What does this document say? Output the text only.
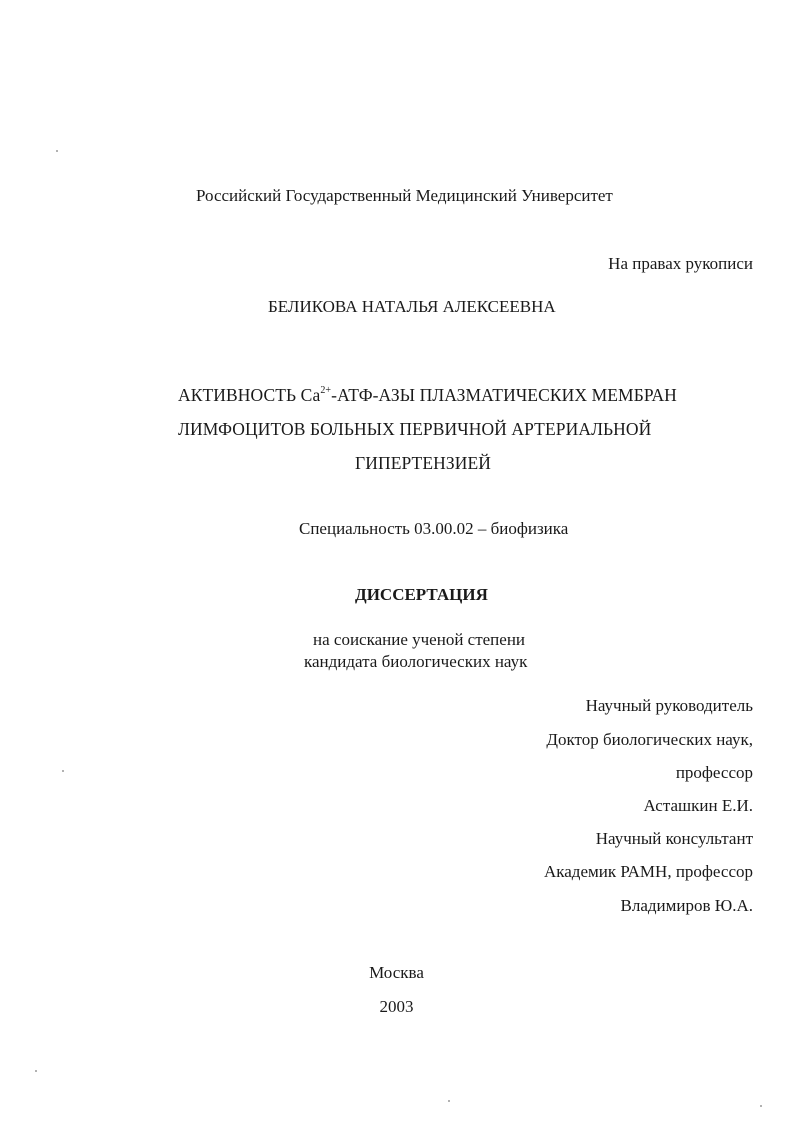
Российский Государственный Медицинский Университет
На правах рукописи
БЕЛИКОВА НАТАЛЬЯ АЛЕКСЕЕВНА
АКТИВНОСТЬ $Ca^{2+}-АТФ$-АЗЫ ПЛАЗМАТИЧЕСКИХ МЕМБРАН
ЛИМФОЦИТОВ БОЛЬНЫХ ПЕРВИЧНОЙ АРТЕРИАЛЬНОЙ
ГИПЕРТЕНЗИЕЙ
Специальность 03.00.02 – биофизика
ДИССЕРТАЦИЯ
на соискание ученой степени
кандидата биологических наук
Научный руководитель
Доктор биологических наук,
профессор
Асташкин Е.И.
Научный консультант
Академик РАМН, профессор
Владимиров Ю.А.
Москва
2003
